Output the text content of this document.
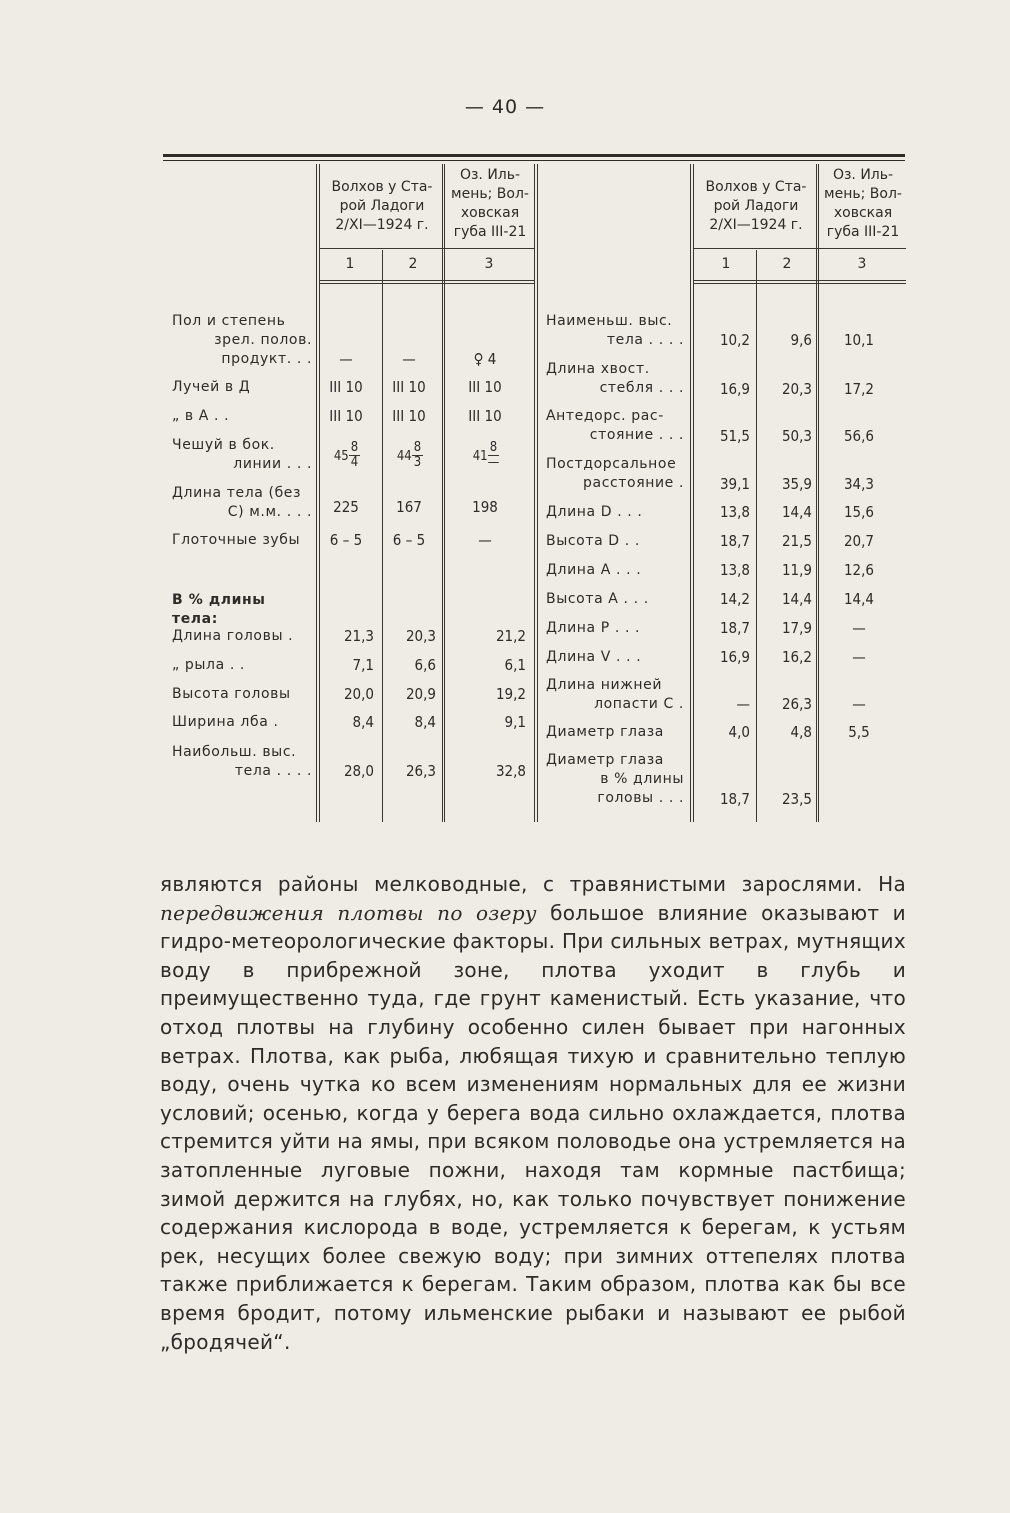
— 40 —
Волхов у Ста-
рой Ладоги
2/XI—1924 г.
Оз. Иль-
мень; Вол-
ховская
губа III-21
Волхов у Ста-
рой Ладоги
2/XI—1924 г.
Оз. Иль-
мень; Вол-
ховская
губа III-21
1	2	3	1	2	3
Пол и степень
зрел. полов.
продукт. . .	—	—	♀ 4
Лучей в Д	III 10	III 10	III 10
„ в А . .	III 10	III 10	III 10
Чешуй в бок.
линии . . .	$45 \frac{8}{4}$	$44 \frac{8}{3}$	$41 \frac{8}{—}$
Длина тела (без
С) м.м. . . .	225	167	198
Глоточные зубы	6 – 5	6 – 5	—
В % длины тела:
Длина головы .	21,3	20,3	21,2
„ рыла . .	7,1	6,6	6,1
Высота головы	20,0	20,9	19,2
Ширина лба .	8,4	8,4	9,1
Наибольш. выс.
тела . . . .	28,0	26,3	32,8
Наименьш. выс.
тела . . . .	10,2	9,6	10,1
Длина хвост.
стебля . . .	16,9	20,3	17,2
Антедорс. рас-
стояние . . .	51,5	50,3	56,6
Постдорсальное
расстояние .	39,1	35,9	34,3
Длина D . . .	13,8	14,4	15,6
Высота D . .	18,7	21,5	20,7
Длина А . . .	13,8	11,9	12,6
Высота А . . .	14,2	14,4	14,4
Длина Р . . .	18,7	17,9	—
Длина V . . .	16,9	16,2	—
Длина нижней
лопасти С .	—	26,3	—
Диаметр глаза	4,0	4,8	5,5
Диаметр глаза
в % длины
головы . . .	18,7	23,5
являются районы мелководные, с травянистыми зарослями. На передвижения плотвы по озеру большое влияние оказывают и гидро-метеорологические факторы. При сильных ветрах, мутнящих воду в прибрежной зоне, плотва уходит в глубь и преимущественно туда, где грунт каменистый. Есть указание, что отход плотвы на глубину особенно силен бывает при нагонных ветрах. Плотва, как рыба, любящая тихую и сравнительно теплую воду, очень чутка ко всем изменениям нормальных для ее жизни условий; осенью, когда у берега вода сильно охлаждается, плотва стремится уйти на ямы, при всяком половодье она устремляется на затопленные луговые пожни, находя там кормные пастбища; зимой держится на глубях, но, как только почувствует понижение содержания кислорода в воде, устремляется к берегам, к устьям рек, несущих более свежую воду; при зимних оттепелях плотва также приближается к берегам. Таким образом, плотва как бы все время бродит, потому ильменские рыбаки и называют ее рыбой „бродячей“.
